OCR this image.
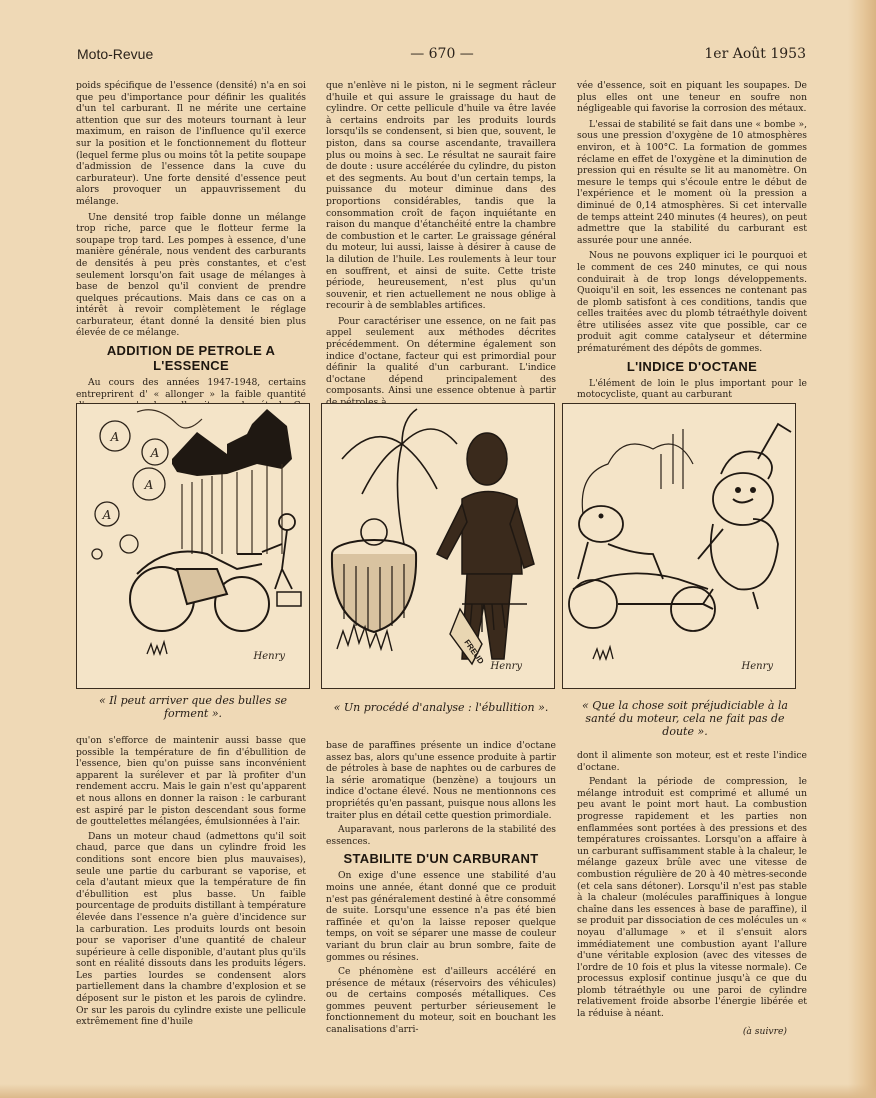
Moto-Revue	— 670 —	1er Août 1953

poids spécifique de l'essence (densité) n'a en soi que peu d'importance pour définir les qualités d'un tel carburant. Il ne mérite une certaine attention que sur des moteurs tournant à leur maximum, en raison de l'influence qu'il exerce sur la position et le fonctionnement du flotteur (lequel ferme plus ou moins tôt la petite soupape d'admission de l'essence dans la cuve du carburateur). Une forte densité d'essence peut alors provoquer un appauvrissement du mélange.

Une densité trop faible donne un mélange trop riche, parce que le flotteur ferme la soupape trop tard. Les pompes à essence, d'une manière générale, nous vendent des carburants de densités à peu près constantes, et c'est seulement lorsqu'on fait usage de mélanges à base de benzol qu'il convient de prendre quelques précautions. Mais dans ce cas on a intérêt à revoir complètement le réglage carburateur, étant donné la densité bien plus élevée de ce mélange.

ADDITION DE PETROLE A L'ESSENCE

Au cours des années 1947-1948, certains entreprirent d' « allonger » la faible quantité

que n'enlève ni le piston, ni le segment râcleur d'huile et qui assure le graissage du haut de cylindre. Or cette pellicule d'huile va être lavée à certains endroits par les produits lourds lorsqu'ils se condensent, si bien que, souvent, le piston, dans sa course ascendante, travaillera plus ou moins à sec. Le résultat ne saurait faire de doute : usure accélérée du cylindre, du piston et des segments. Au bout d'un certain temps, la puissance du moteur diminue dans des proportions considérables, tandis que la consommation croît de façon inquiétante en raison du manque d'étanchéité entre la chambre de combustion et le carter. Le graissage général du moteur, lui aussi, laisse à désirer à cause de la dilution de l'huile. Les roulements à leur tour en souffrent, et ainsi de suite. Cette triste période, heureusement, n'est plus qu'un souvenir, et rien actuellement ne nous oblige à recourir à de semblables artifices.

Pour caractériser une essence, on ne fait pas appel seulement aux méthodes décrites précédemment. On détermine également son indice d'octane, facteur qui est primordial pour définir la qualité d'un carburant. L'indice d'octane dépend principalement des composants. Ainsi une essence obtenue à partir

vée d'essence, soit en piquant les soupapes. De plus elles ont une teneur en soufre non négligeable qui favorise la corrosion des métaux.

L'essai de stabilité se fait dans une « bombe », sous une pression d'oxygène de 10 atmosphères environ, et à 100°C. La formation de gommes réclame en effet de l'oxygène et la diminution de pression qui en résulte se lit au manomètre. On mesure le temps qui s'écoule entre le début de l'expérience et le moment où la pression a diminué de 0,14 atmosphères. Si cet intervalle de temps atteint 240 minutes (4 heures), on peut admettre que la stabilité du carburant est assurée pour une année.

Nous ne pouvons expliquer ici le pourquoi et le comment de ces 240 minutes, ce qui nous conduirait à de trop longs développements. Quoiqu'il en soit, les essences ne contenant pas de plomb satisfont à ces conditions, tandis que celles traitées avec du plomb tétraéthyle doivent être utilisées assez vite que possible, car ce produit agit comme catalyseur et détermine prématurément des dépôts de gommes.

L'INDICE D'OCTANE

L'élément de loin le plus important pour le motocycliste, quant au carburant

A
A
A
A
Henry	FREUD
Henry	Henry
« Il peut arriver que des bulles se forment ».	« Un procédé d'analyse : l'ébullition ».	« Que la chose soit préjudiciable à la santé du moteur, cela ne fait pas de doute ».

qu'on s'efforce de maintenir aussi basse que possible la température de fin d'ébullition de l'essence, bien qu'on puisse sans inconvénient apparent la surélever et par là profiter d'un rendement accru. Mais le gain n'est qu'apparent et nous allons en donner la raison : le carburant est aspiré par le piston descendant sous forme de gouttelettes mélangées, émulsionnées à l'air.

Dans un moteur chaud (admettons qu'il soit chaud, parce que dans un cylindre froid les conditions sont encore bien plus mauvaises), seule une partie du carburant se vaporise, et cela d'autant mieux que la température de fin d'ébullition est plus basse. Un faible pourcentage de produits distillant à température élevée dans l'essence n'a guère d'incidence sur la carburation. Les produits lourds ont besoin pour se vaporiser d'une quantité de chaleur supérieure à celle disponible, d'autant plus qu'ils sont en réalité dissouts dans les produits légers. Les parties lourdes se condensent alors partiellement dans la chambre d'explosion et se déposent sur le piston et les parois de cylindre. Or sur les parois du cylindre existe une pellicule extrêmement fine d'huile

base de paraffines présente un indice d'octane assez bas, alors qu'une essence produite à partir de pétroles à base de naphtes ou de carbures de la série aromatique (benzène) a toujours un indice d'octane élevé. Nous ne mentionnons ces propriétés qu'en passant, puisque nous allons les traiter plus en détail cette question primordiale.

Auparavant, nous parlerons de la stabilité des essences.

STABILITE D'UN CARBURANT

On exige d'une essence une stabilité d'au moins une année, étant donné que ce produit n'est pas généralement destiné à être consommé de suite. Lorsqu'une essence n'a pas été bien raffinée et qu'on la laisse reposer quelque temps, on voit se séparer une masse de couleur variant du brun clair au brun sombre, faite de gommes ou résines.

Ce phénomène est d'ailleurs accéléré en présence de métaux (réservoirs des véhicules) ou de certains composés métalliques. Ces gommes peuvent perturber sérieusement le fonctionnement du moteur, soit en bouchant les canalisations d'arri-

dont il alimente son moteur, est et reste l'indice d'octane.

Pendant la période de compression, le mélange introduit est comprimé et allumé un peu avant le point mort haut. La combustion progresse rapidement et les parties non enflammées sont portées à des pressions et des températures croissantes. Lorsqu'on a affaire à un carburant suffisamment stable à la chaleur, le mélange gazeux brûle avec une vitesse de combustion régulière de 20 à 40 mètres-seconde (et cela sans détoner). Lorsqu'il n'est pas stable à la chaleur (molécules paraffiniques à longue chaîne dans les essences à base de paraffine), il se produit par dissociation de ces molécules un « noyau d'allumage » et il s'ensuit alors immédiatement une combustion ayant l'allure d'une véritable explosion (avec des vitesses de l'ordre de 10 fois et plus la vitesse normale). Ce processus explosif continue jusqu'à ce que du plomb tétraéthyle ou une paroi de cylindre relativement froide absorbe l'énergie libérée et la réduise à néant.

(à suivre)
